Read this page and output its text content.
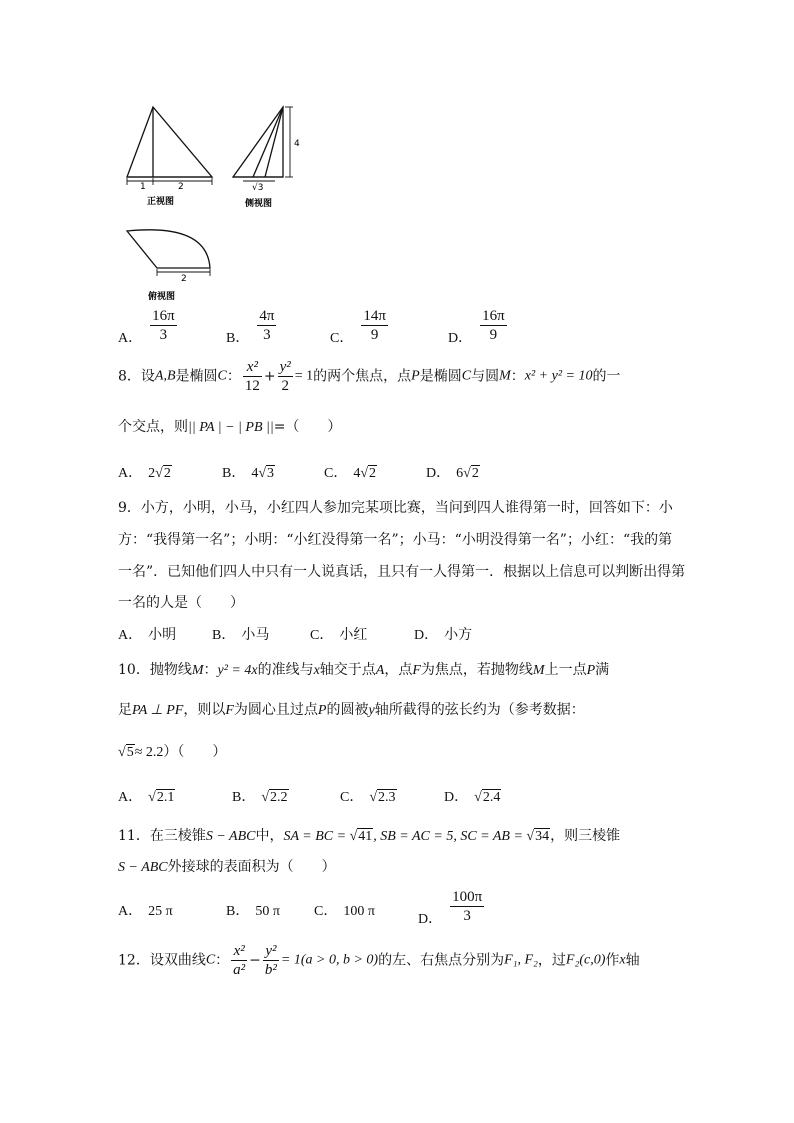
1	2
正视图
4
√3
侧视图
2
俯视图
A． $\frac{16\pi}{3}$	B． $\frac{4\pi}{3}$	C． $\frac{14\pi}{9}$	D． $\frac{16\pi}{9}$
8．设A,B是椭圆C： $\frac{\text{x²}}{12} + \frac{\text{y²}}{2} = 1$的两个焦点，点P是椭圆C与圆M：x² + y² = 10的一
个交点，则|| PA | − | PB ||=（　　）
A． 2√2	B． 4√3	C． 4√2	D． 6√2
9．小方，小明，小马，小红四人参加完某项比赛，当问到四人谁得第一时，回答如下：小
方：“我得第一名”；小明：“小红没得第一名”；小马：“小明没得第一名”；小红：“我的第
一名”．已知他们四人中只有一人说真话，且只有一人得第一．根据以上信息可以判断出得第
一名的人是（　　）
A． 小明	B． 小马	C． 小红	D． 小方
10．抛物线M：y² = 4x的准线与x轴交于点A，点F为焦点，若抛物线M上一点P满
足PA ⊥ PF，则以F为圆心且过点P的圆被y轴所截得的弦长约为（参考数据：
√5≈ 2.2）（　　）
A． √2.1	B． √2.2	C． √2.3	D． √2.4
11．在三棱锥S − ABC中，SA = BC = √41, SB = AC = 5, SC = AB = √34，则三棱锥
S − ABC外接球的表面积为（　　）
A． 25 π	B． 50 π C． 100 π	D． $\frac{100\pi}{3}$
12．设双曲线C： $\frac{\text{x²}}{\text{a²}} - \frac{\text{y²}}{\text{b²}} = 1(a > 0$, b > 0)的左、右焦点分别为F₁, F₂，过F₂(c,0)作x轴
